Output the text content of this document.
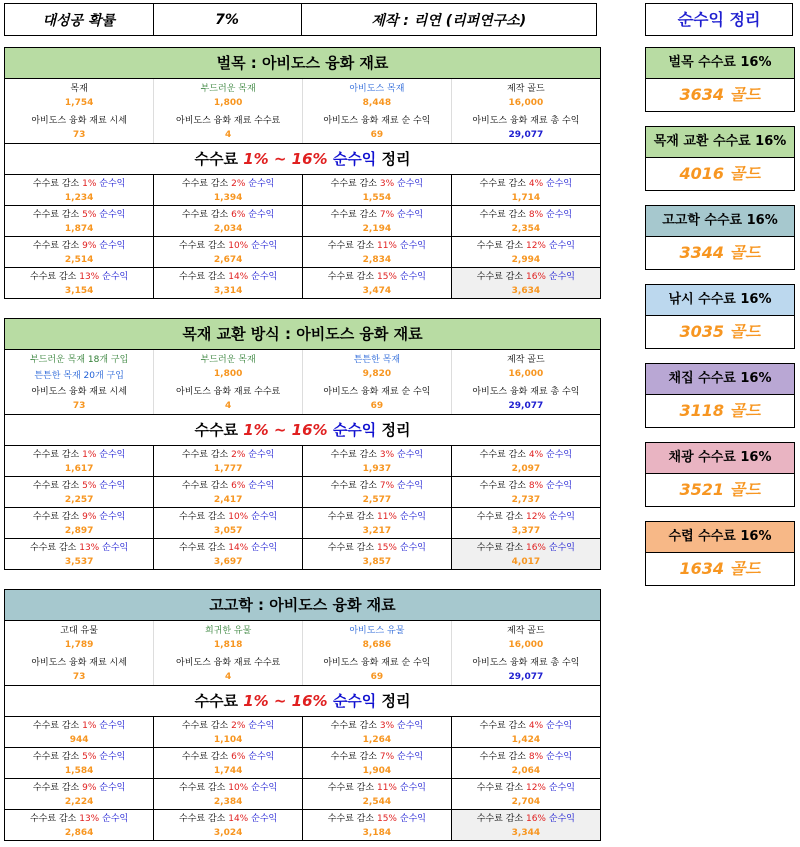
대성공 확률	7%	제작 : 리연 (리퍼연구소)
벌목 : 아비도스 융화 재료
목재	부드러운 목재	아비도스 목재	제작 골드
1,754	1,800	8,448	16,000
아비도스 융화 재료 시세	아비도스 융화 재료 수수료	아비도스 융화 재료 순 수익	아비도스 융화 재료 총 수익
73	4	69	29,077
수수료 1% ~ 16% 순수익 정리
수수료 감소 1% 순수익	수수료 감소 2% 순수익	수수료 감소 3% 순수익	수수료 감소 4% 순수익
1,234	1,394	1,554	1,714
수수료 감소 5% 순수익	수수료 감소 6% 순수익	수수료 감소 7% 순수익	수수료 감소 8% 순수익
1,874	2,034	2,194	2,354
수수료 감소 9% 순수익	수수료 감소 10% 순수익	수수료 감소 11% 순수익	수수료 감소 12% 순수익
2,514	2,674	2,834	2,994
수수료 감소 13% 순수익	수수료 감소 14% 순수익	수수료 감소 15% 순수익	수수료 감소 16% 순수익
3,154	3,314	3,474	3,634
목재 교환 방식 : 아비도스 융화 재료
부드러운 목재 18개 구입	부드러운 목재	튼튼한 목재	제작 골드
튼튼한 목재 20개 구입	1,800	9,820	16,000
아비도스 융화 재료 시세	아비도스 융화 재료 수수료	아비도스 융화 재료 순 수익	아비도스 융화 재료 총 수익
73	4	69	29,077
수수료 1% ~ 16% 순수익 정리
수수료 감소 1% 순수익	수수료 감소 2% 순수익	수수료 감소 3% 순수익	수수료 감소 4% 순수익
1,617	1,777	1,937	2,097
수수료 감소 5% 순수익	수수료 감소 6% 순수익	수수료 감소 7% 순수익	수수료 감소 8% 순수익
2,257	2,417	2,577	2,737
수수료 감소 9% 순수익	수수료 감소 10% 순수익	수수료 감소 11% 순수익	수수료 감소 12% 순수익
2,897	3,057	3,217	3,377
수수료 감소 13% 순수익	수수료 감소 14% 순수익	수수료 감소 15% 순수익	수수료 감소 16% 순수익
3,537	3,697	3,857	4,017
고고학 : 아비도스 융화 재료
고대 유물	희귀한 유물	아비도스 유물	제작 골드
1,789	1,818	8,686	16,000
아비도스 융화 재료 시세	아비도스 융화 재료 수수료	아비도스 융화 재료 순 수익	아비도스 융화 재료 총 수익
73	4	69	29,077
수수료 1% ~ 16% 순수익 정리
수수료 감소 1% 순수익	수수료 감소 2% 순수익	수수료 감소 3% 순수익	수수료 감소 4% 순수익
944	1,104	1,264	1,424
수수료 감소 5% 순수익	수수료 감소 6% 순수익	수수료 감소 7% 순수익	수수료 감소 8% 순수익
1,584	1,744	1,904	2,064
수수료 감소 9% 순수익	수수료 감소 10% 순수익	수수료 감소 11% 순수익	수수료 감소 12% 순수익
2,224	2,384	2,544	2,704
수수료 감소 13% 순수익	수수료 감소 14% 순수익	수수료 감소 15% 순수익	수수료 감소 16% 순수익
2,864	3,024	3,184	3,344
순수익 정리
벌목 수수료 16%
3634 골드
목재 교환 수수료 16%
4016 골드
고고학 수수료 16%
3344 골드
낚시 수수료 16%
3035 골드
채집 수수료 16%
3118 골드
채광 수수료 16%
3521 골드
수렵 수수료 16%
1634 골드
